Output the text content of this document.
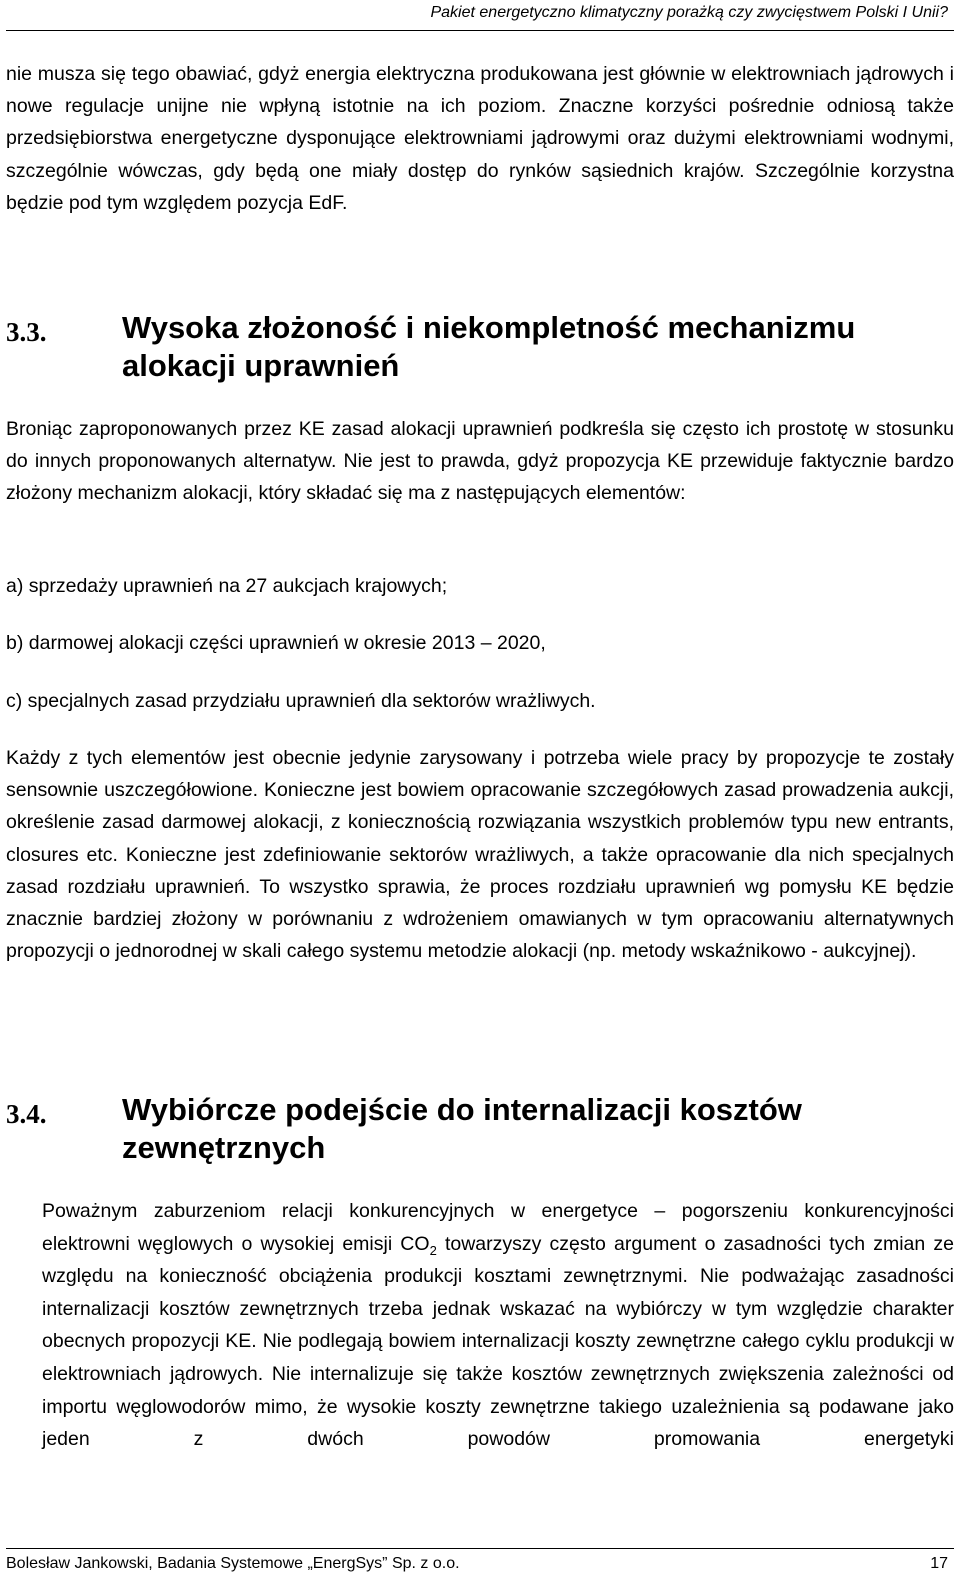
Pakiet energetyczno klimatyczny porażką czy zwycięstwem Polski I Unii?

nie musza się tego obawiać, gdyż energia elektryczna produkowana jest głównie w elektrowniach jądrowych i nowe regulacje unijne nie wpłyną istotnie na ich poziom. Znaczne korzyści pośrednie odniosą także przedsiębiorstwa energetyczne dysponujące elektrowniami jądrowymi oraz dużymi elektrowniami wodnymi, szczególnie wówczas, gdy będą one miały dostęp do rynków sąsiednich krajów. Szczególnie korzystna będzie pod tym względem pozycja EdF.

3.3. Wysoka złożoność i niekompletność mechanizmu alokacji uprawnień

Broniąc zaproponowanych przez KE zasad alokacji uprawnień podkreśla się często ich prostotę w stosunku do innych proponowanych alternatyw. Nie jest to prawda, gdyż propozycja KE przewiduje faktycznie bardzo złożony mechanizm alokacji, który składać się ma z następujących elementów:

a) sprzedaży uprawnień na 27 aukcjach krajowych;

b) darmowej alokacji części uprawnień w okresie 2013 – 2020,

c) specjalnych zasad przydziału uprawnień dla sektorów wrażliwych.

Każdy z tych elementów jest obecnie jedynie zarysowany i potrzeba wiele pracy by propozycje te zostały sensownie uszczegółowione. Konieczne jest bowiem opracowanie szczegółowych zasad prowadzenia aukcji, określenie zasad darmowej alokacji, z koniecznością rozwiązania wszystkich problemów typu new entrants, closures etc. Konieczne jest zdefiniowanie sektorów wrażliwych, a także opracowanie dla nich specjalnych zasad rozdziału uprawnień. To wszystko sprawia, że proces rozdziału uprawnień wg pomysłu KE będzie znacznie bardziej złożony w porównaniu z wdrożeniem omawianych w tym opracowaniu alternatywnych propozycji o jednorodnej w skali całego systemu metodzie alokacji (np. metody wskaźnikowo - aukcyjnej).

3.4. Wybiórcze podejście do internalizacji kosztów zewnętrznych

Poważnym zaburzeniom relacji konkurencyjnych w energetyce – pogorszeniu konkurencyjności elektrowni węglowych o wysokiej emisji $CO_2$ towarzyszy często argument o zasadności tych zmian ze względu na konieczność obciążenia produkcji kosztami zewnętrznymi. Nie podważając zasadności internalizacji kosztów zewnętrznych trzeba jednak wskazać na wybiórczy w tym względzie charakter obecnych propozycji KE. Nie podlegają bowiem internalizacji koszty zewnętrzne całego cyklu produkcji w elektrowniach jądrowych. Nie internalizuje się także kosztów zewnętrznych zwiększenia zależności od importu węglowodorów mimo, że wysokie koszty zewnętrzne takiego uzależnienia są podawane jako jeden z dwóch powodów promowania energetyki

Bolesław Jankowski, Badania Systemowe „EnergSys” Sp. z o.o.	17
